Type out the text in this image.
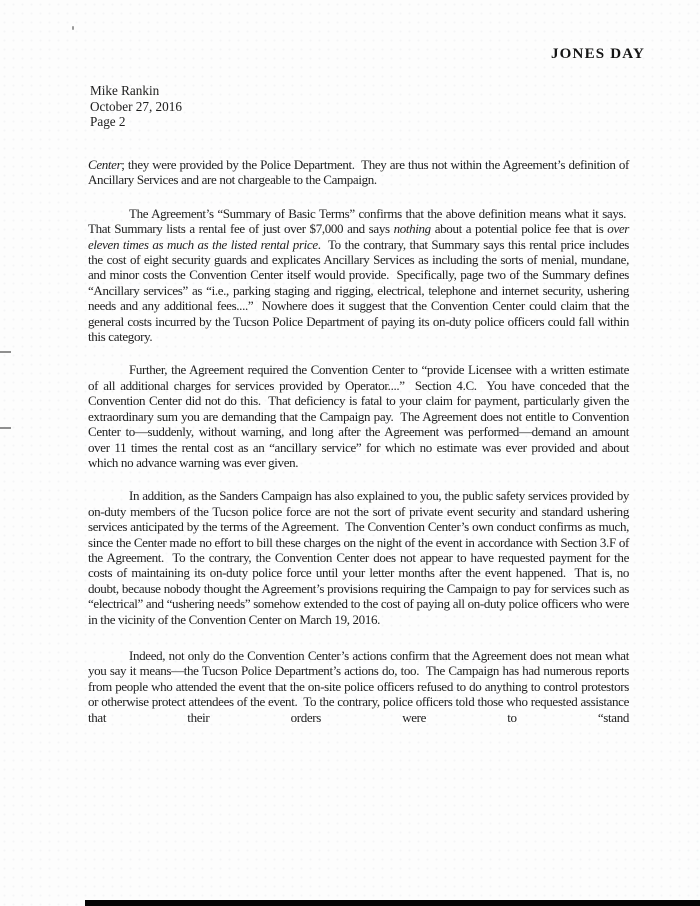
JONES DAY
Mike Rankin
October 27, 2016
Page 2

Center; they were provided by the Police Department.  They are thus not within the Agreement’s definition of Ancillary Services and are not chargeable to the Campaign.

The Agreement’s “Summary of Basic Terms” confirms that the above definition means what it says.  That Summary lists a rental fee of just over $7,000 and says nothing about a potential police fee that is over eleven times as much as the listed rental price.  To the contrary, that Summary says this rental price includes the cost of eight security guards and explicates Ancillary Services as including the sorts of menial, mundane, and minor costs the Convention Center itself would provide.  Specifically, page two of the Summary defines “Ancillary services” as “i.e., parking staging and rigging, electrical, telephone and internet security, ushering needs and any additional fees....”  Nowhere does it suggest that the Convention Center could claim that the general costs incurred by the Tucson Police Department of paying its on-duty police officers could fall within this category.

Further, the Agreement required the Convention Center to “provide Licensee with a written estimate of all additional charges for services provided by Operator....”  Section 4.C.  You have conceded that the Convention Center did not do this.  That deficiency is fatal to your claim for payment, particularly given the extraordinary sum you are demanding that the Campaign pay.  The Agreement does not entitle to Convention Center to—suddenly, without warning, and long after the Agreement was performed—demand an amount over 11 times the rental cost as an “ancillary service” for which no estimate was ever provided and about which no advance warning was ever given.

In addition, as the Sanders Campaign has also explained to you, the public safety services provided by on-duty members of the Tucson police force are not the sort of private event security and standard ushering services anticipated by the terms of the Agreement.  The Convention Center’s own conduct confirms as much, since the Center made no effort to bill these charges on the night of the event in accordance with Section 3.F of the Agreement.  To the contrary, the Convention Center does not appear to have requested payment for the costs of maintaining its on-duty police force until your letter months after the event happened.  That is, no doubt, because nobody thought the Agreement’s provisions requiring the Campaign to pay for services such as “electrical” and “ushering needs” somehow extended to the cost of paying all on-duty police officers who were in the vicinity of the Convention Center on March 19, 2016.

Indeed, not only do the Convention Center’s actions confirm that the Agreement does not mean what you say it means—the Tucson Police Department’s actions do, too.  The Campaign has had numerous reports from people who attended the event that the on-site police officers refused to do anything to control protestors or otherwise protect attendees of the event.  To the contrary, police officers told those who requested assistance that their orders were to “stand
